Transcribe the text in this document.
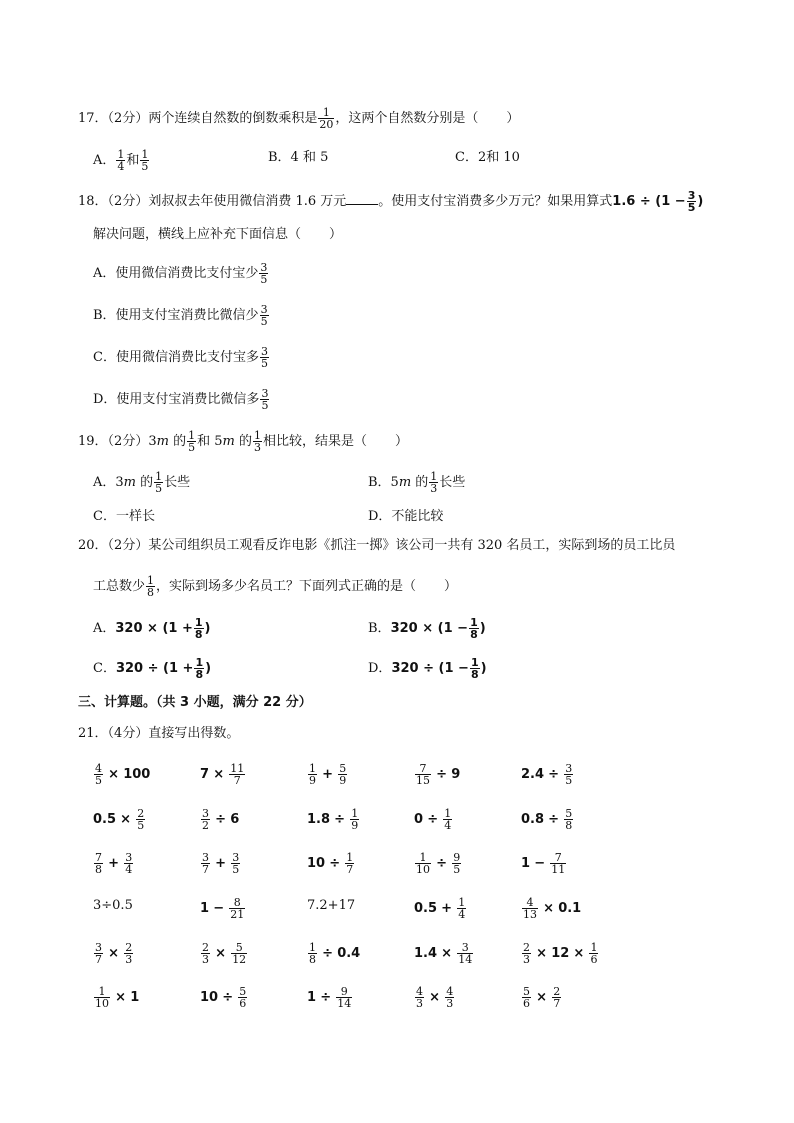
17．（2分）两个连续自然数的倒数乘积是 $\frac{1}{20}$ ，这两个自然数分别是（ ）
A． $\frac{1}{4}$ 和 $\frac{1}{5}$	B．4 和 5	C．2和 10
18．（2分）刘叔叔去年使用微信消费 1.6 万元 。使用支付宝消费多少万元？如果用算式$1.6 \div (1 - \frac{3}{5}$ )
解决问题，横线上应补充下面信息（ ）
A．使用微信消费比支付宝少 $\frac{3}{5}$
B．使用支付宝消费比微信少 $\frac{3}{5}$
C．使用微信消费比支付宝多 $\frac{3}{5}$
D．使用支付宝消费比微信多 $\frac{3}{5}$
19．（2分）3m 的 $\frac{1}{5}$ 和 5m 的 $\frac{1}{3}$ 相比较，结果是（ ）
A．3m 的 $\frac{1}{5}$ 长些	B．5m 的 $\frac{1}{3}$ 长些
C．一样长	D．不能比较
20．（2分）某公司组织员工观看反诈电影《抓注一掷》该公司一共有 320 名员工，实际到场的员工比员
工总数少 $\frac{1}{8}$ ，实际到场多少名员工？下面列式正确的是（ ）
A．$320 \times (1 + \frac{1}{8}$ )	B．$320 \times (1 - \frac{1}{8}$ )
C．$320 \div (1 + \frac{1}{8}$ )	D．$320 \div (1 - \frac{1}{8}$ )
三、计算题。（共 3 小题，满分 22 分）
21．（4分）直接写出得数。
$\frac{4}{5} \times 100$	$7 \times \frac{11}{7}$	$\frac{1}{9} + \frac{5}{9}$	$\frac{7}{15} \div 9$	$2.4 \div \frac{3}{5}$
$0.5 \times \frac{2}{5}$	$\frac{3}{2} \div 6$	$1.8 \div \frac{1}{9}$	$0 \div \frac{1}{4}$	$0.8 \div \frac{5}{8}$
$\frac{7}{8} + \frac{3}{4}$	$\frac{3}{7} + \frac{3}{5}$	$10 \div \frac{1}{7}$	$\frac{1}{10} \div \frac{9}{5}$	$1 - \frac{7}{11}$
3÷0.5	$1 - \frac{8}{21}$	7.2+17	$0.5 + \frac{1}{4}$	$\frac{4}{13} \times 0.1$
$\frac{3}{7} \times \frac{2}{3}$	$\frac{2}{3} \times \frac{5}{12}$	$\frac{1}{8} \div 0.4$	$1.4 \times \frac{3}{14}$	$\frac{2}{3} \times 12 \times \frac{1}{6}$
$\frac{1}{10} \times 1$	$10 \div \frac{5}{6}$	$1 \div \frac{9}{14}$	$\frac{4}{3} \times \frac{4}{3}$	$\frac{5}{6} \times \frac{2}{7}$
